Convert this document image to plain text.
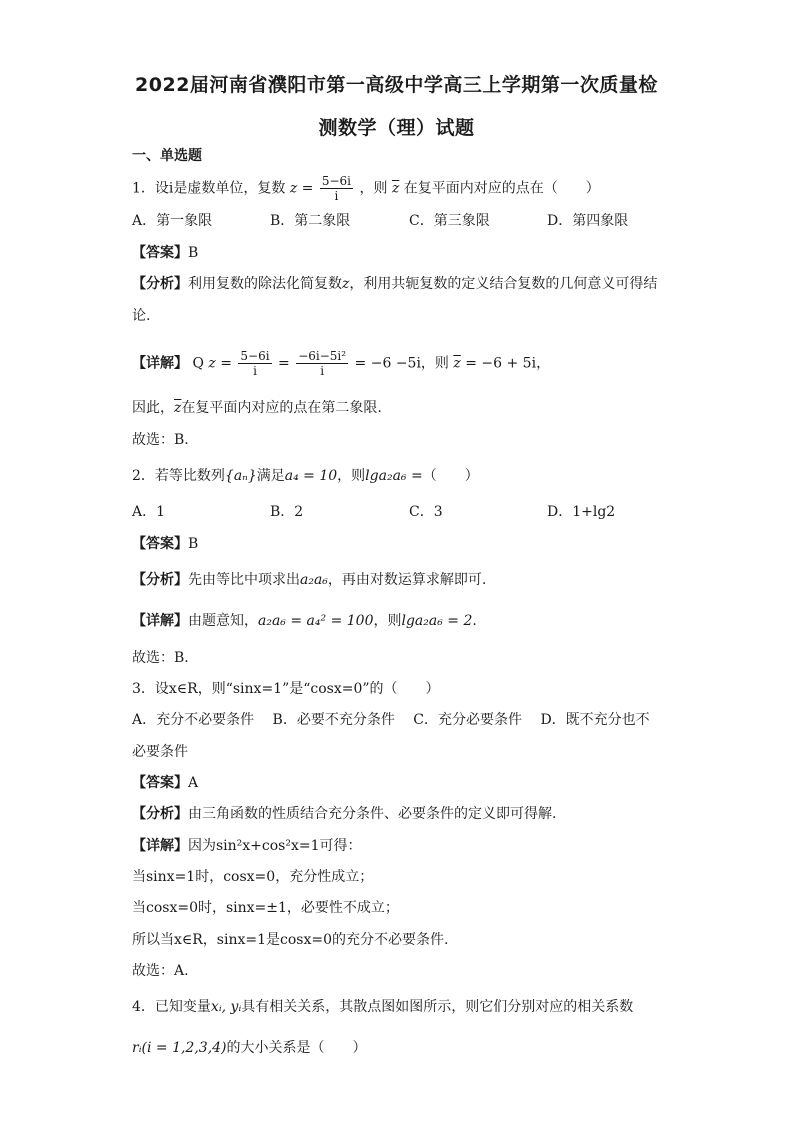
2022届河南省濮阳市第一高级中学高三上学期第一次质量检
测数学（理）试题
一、单选题
1．设i是虚数单位，复数 $z = \frac{5-6i}{i}$ ，则 $\overline{z}$ 在复平面内对应的点在（　　）
A．第一象限	B．第二象限	C．第三象限	D．第四象限
【答案】B
【分析】利用复数的除法化简复数z，利用共轭复数的定义结合复数的几何意义可得结
论.
【详解】 Q $z = \frac{5-6i}{i} = \frac{\text{−6i−5i²}}{i} = -6 -5i$，则 $\overline{z} = -6 + 5i$，
因此，$\overline{z}$在复平面内对应的点在第二象限.
故选：B.
2．若等比数列{aₙ}满足a₄ = 10，则lga₂a₆ =（　　）
A．1	B．2	C．3	D．1+lg2
【答案】B
【分析】先由等比中项求出a₂a₆，再由对数运算求解即可.
【详解】由题意知，a₂a₆ = a₄² = 100，则lga₂a₆ = 2.
故选：B.
3．设x∈R，则“sinx=1”是“cosx=0”的（　　）
A．充分不必要条件　 B．必要不充分条件　 C．充分必要条件　 D．既不充分也不
必要条件
【答案】A
【分析】由三角函数的性质结合充分条件、必要条件的定义即可得解.
【详解】因为sin²x+cos²x=1可得：
当sinx=1时，cosx=0，充分性成立；
当cosx=0时，sinx=±1，必要性不成立；
所以当x∈R，sinx=1是cosx=0的充分不必要条件.
故选：A.
4．已知变量xᵢ, yᵢ具有相关关系，其散点图如图所示，则它们分别对应的相关系数
rᵢ(i = 1,2,3,4)的大小关系是（　　）
